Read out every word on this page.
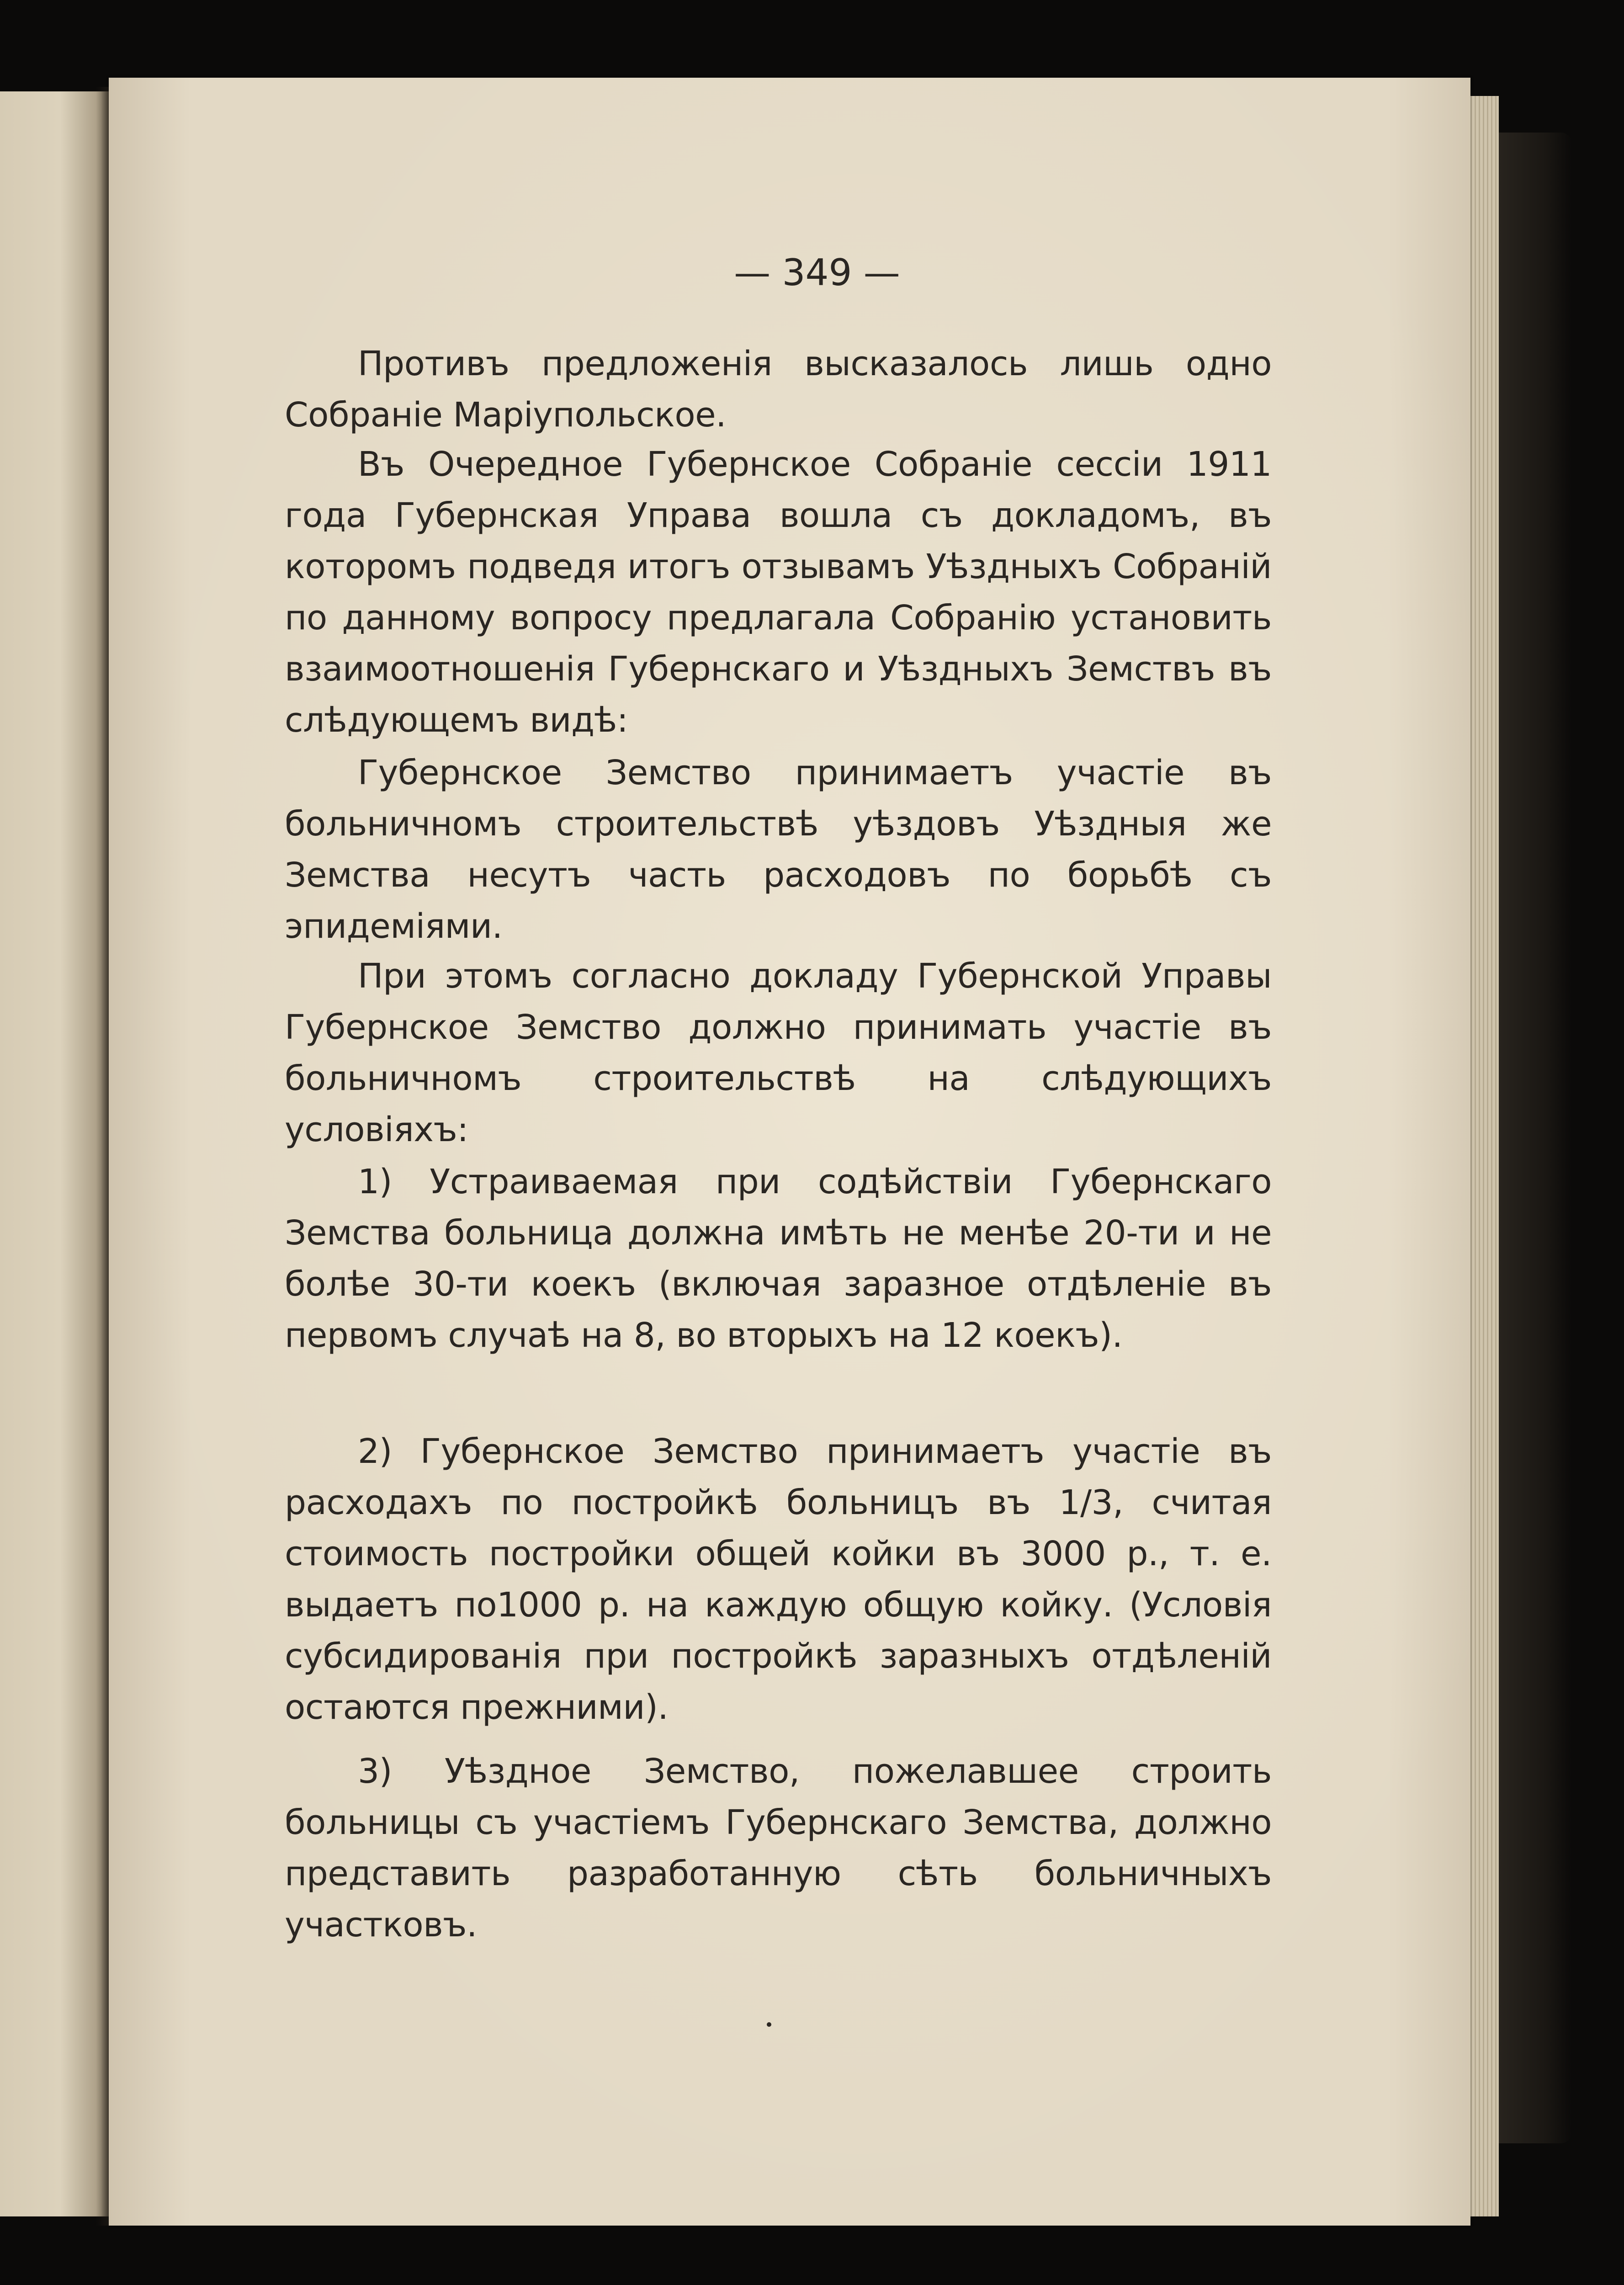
— 349 —

Противъ предложенія высказалось лишь одно Собраніе Маріупольское.

Въ Очередное Губернское Собраніе сессіи 1911 года Губернская Управа вошла съ докладомъ, въ которомъ подведя итогъ отзывамъ Уѣздныхъ Собраній по данному вопросу предлагала Собранію установить взаимоотношенія Губернскаго и Уѣздныхъ Земствъ въ слѣдующемъ видѣ:

Губернское Земство принимаетъ участіе въ больничномъ строительствѣ уѣздовъ Уѣздныя же Земства несутъ часть расходовъ по борьбѣ съ эпидеміями.

При этомъ согласно докладу Губернской Управы Губернское Земство должно принимать участіе въ больничномъ строительствѣ на слѣдующихъ условіяхъ:

1) Устраиваемая при содѣйствіи Губернскаго Земства больница должна имѣть не менѣе 20-ти и не болѣе 30-ти коекъ (включая заразное отдѣленіе въ первомъ случаѣ на 8, во вторыхъ на 12 коекъ).

2) Губернское Земство принимаетъ участіе въ расходахъ по постройкѣ больницъ въ 1/3, считая стоимость постройки общей койки въ 3000 р., т. е. выдаетъ по1000 р. на каждую общую койку. (Условія субсидированія при постройкѣ заразныхъ отдѣленій остаются прежними).

3) Уѣздное Земство, пожелавшее строить больницы съ участіемъ Губернскаго Земства, должно представить разработанную сѣть больничныхъ участковъ.
